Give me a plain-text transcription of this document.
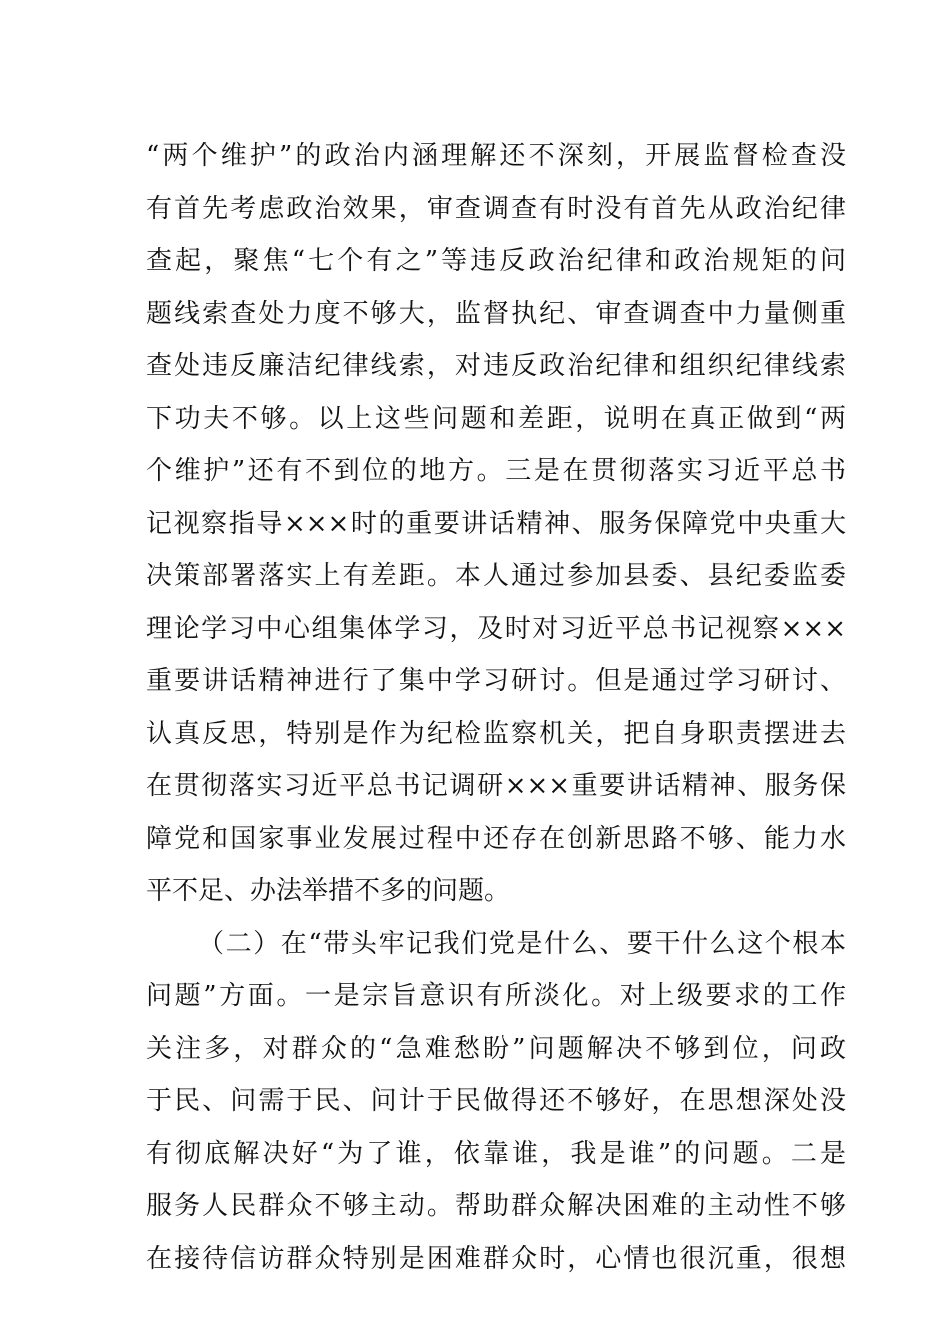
“两个维护”的政治内涵理解还不深刻，开展监督检查没
有首先考虑政治效果，审查调查有时没有首先从政治纪律
查起，聚焦“七个有之”等违反政治纪律和政治规矩的问
题线索查处力度不够大，监督执纪、审查调查中力量侧重
查处违反廉洁纪律线索，对违反政治纪律和组织纪律线索
下功夫不够。以上这些问题和差距，说明在真正做到“两
个维护”还有不到位的地方。三是在贯彻落实习近平总书
记视察指导×××时的重要讲话精神、服务保障党中央重大
决策部署落实上有差距。本人通过参加县委、县纪委监委
理论学习中心组集体学习，及时对习近平总书记视察×××
重要讲话精神进行了集中学习研讨。但是通过学习研讨、
认真反思，特别是作为纪检监察机关，把自身职责摆进去
在贯彻落实习近平总书记调研×××重要讲话精神、服务保
障党和国家事业发展过程中还存在创新思路不够、能力水
平不足、办法举措不多的问题。
（二）在“带头牢记我们党是什么、要干什么这个根本
问题”方面。一是宗旨意识有所淡化。对上级要求的工作
关注多，对群众的“急难愁盼”问题解决不够到位，问政
于民、问需于民、问计于民做得还不够好，在思想深处没
有彻底解决好“为了谁，依靠谁，我是谁”的问题。二是
服务人民群众不够主动。帮助群众解决困难的主动性不够
在接待信访群众特别是困难群众时，心情也很沉重，很想
